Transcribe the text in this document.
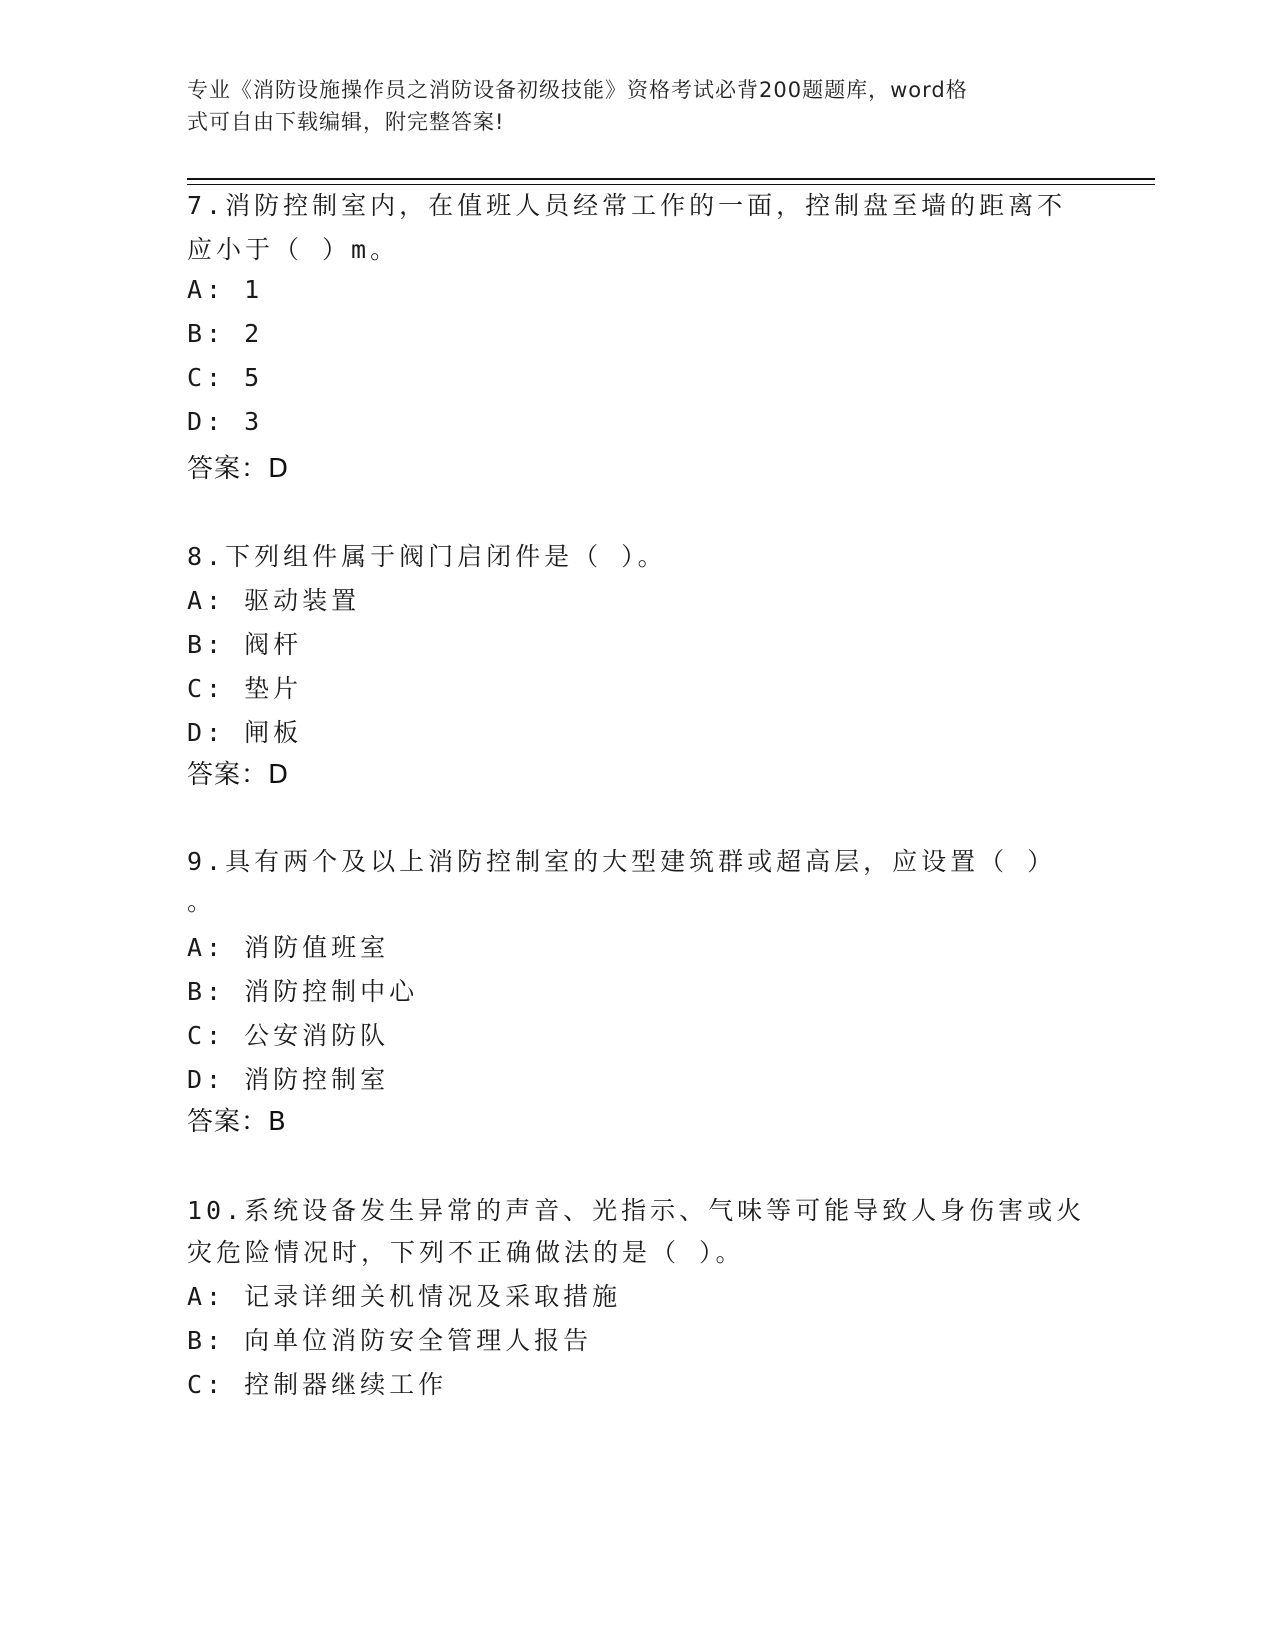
专业《消防设施操作员之消防设备初级技能》资格考试必背200题题库，word格
式可自由下载编辑，附完整答案!
7.消防控制室内，在值班人员经常工作的一面，控制盘至墙的距离不
应小于（ ）m。
A: 1
B: 2
C: 5
D: 3
答案：D
8.下列组件属于阀门启闭件是（ ）。
A: 驱动装置
B: 阀杆
C: 垫片
D: 闸板
答案：D
9.具有两个及以上消防控制室的大型建筑群或超高层，应设置（ ）
。
A: 消防值班室
B: 消防控制中心
C: 公安消防队
D: 消防控制室
答案：B
10.系统设备发生异常的声音、光指示、气味等可能导致人身伤害或火
灾危险情况时，下列不正确做法的是（ ）。
A: 记录详细关机情况及采取措施
B: 向单位消防安全管理人报告
C: 控制器继续工作
